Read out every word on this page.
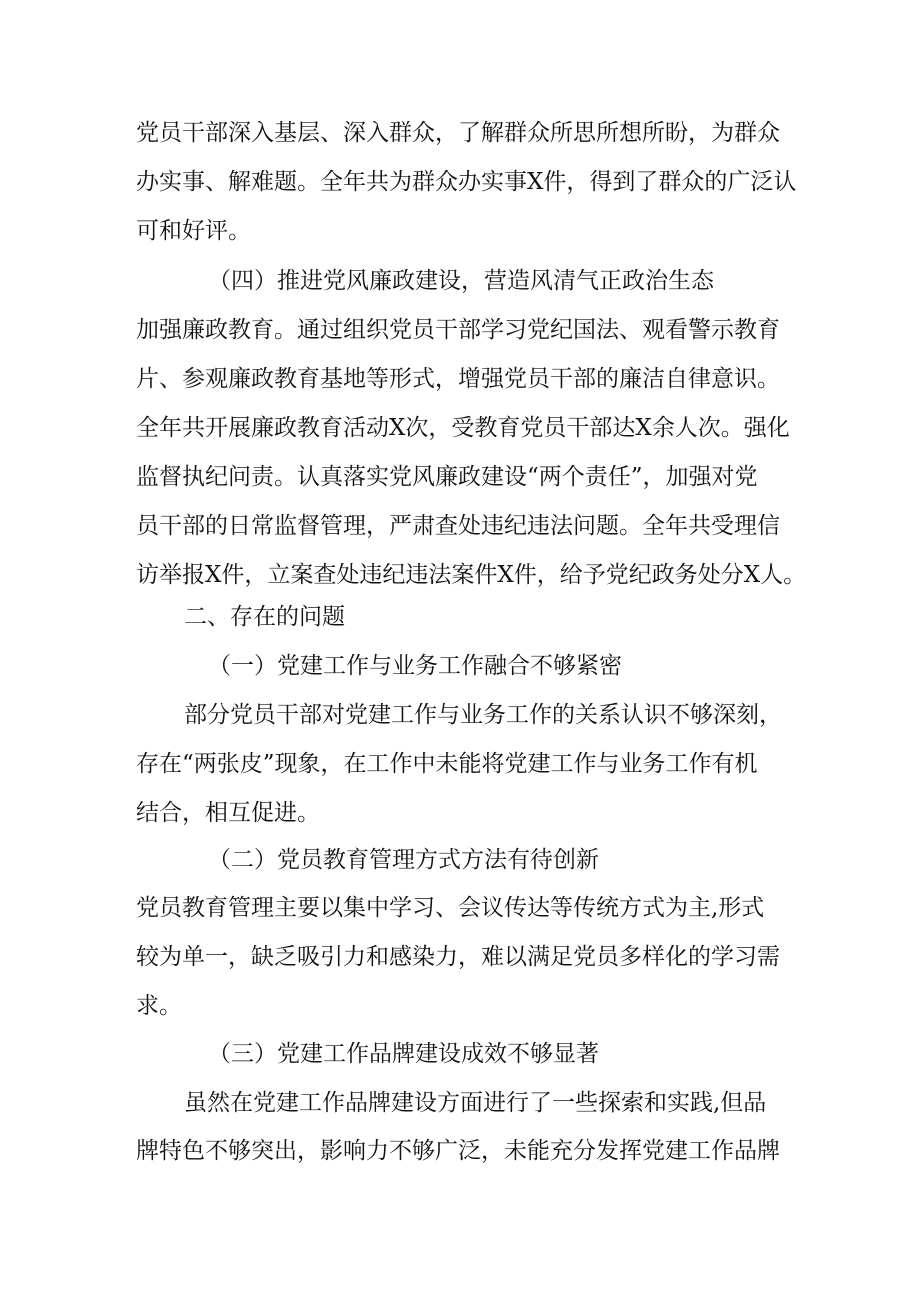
党员干部深入基层、深入群众，了解群众所思所想所盼，为群众
办实事、解难题。全年共为群众办实事X件，得到了群众的广泛认
可和好评。
（四）推进党风廉政建设，营造风清气正政治生态
加强廉政教育。通过组织党员干部学习党纪国法、观看警示教育
片、参观廉政教育基地等形式，增强党员干部的廉洁自律意识。
全年共开展廉政教育活动X次，受教育党员干部达X余人次。强化
监督执纪问责。认真落实党风廉政建设“两个责任”，加强对党
员干部的日常监督管理，严肃查处违纪违法问题。全年共受理信
访举报X件，立案查处违纪违法案件X件，给予党纪政务处分X人。
二、存在的问题
（一）党建工作与业务工作融合不够紧密
部分党员干部对党建工作与业务工作的关系认识不够深刻，
存在“两张皮”现象，在工作中未能将党建工作与业务工作有机
结合，相互促进。
（二）党员教育管理方式方法有待创新
党员教育管理主要以集中学习、会议传达等传统方式为主,形式
较为单一，缺乏吸引力和感染力，难以满足党员多样化的学习需
求。
（三）党建工作品牌建设成效不够显著
虽然在党建工作品牌建设方面进行了一些探索和实践,但品
牌特色不够突出，影响力不够广泛，未能充分发挥党建工作品牌
